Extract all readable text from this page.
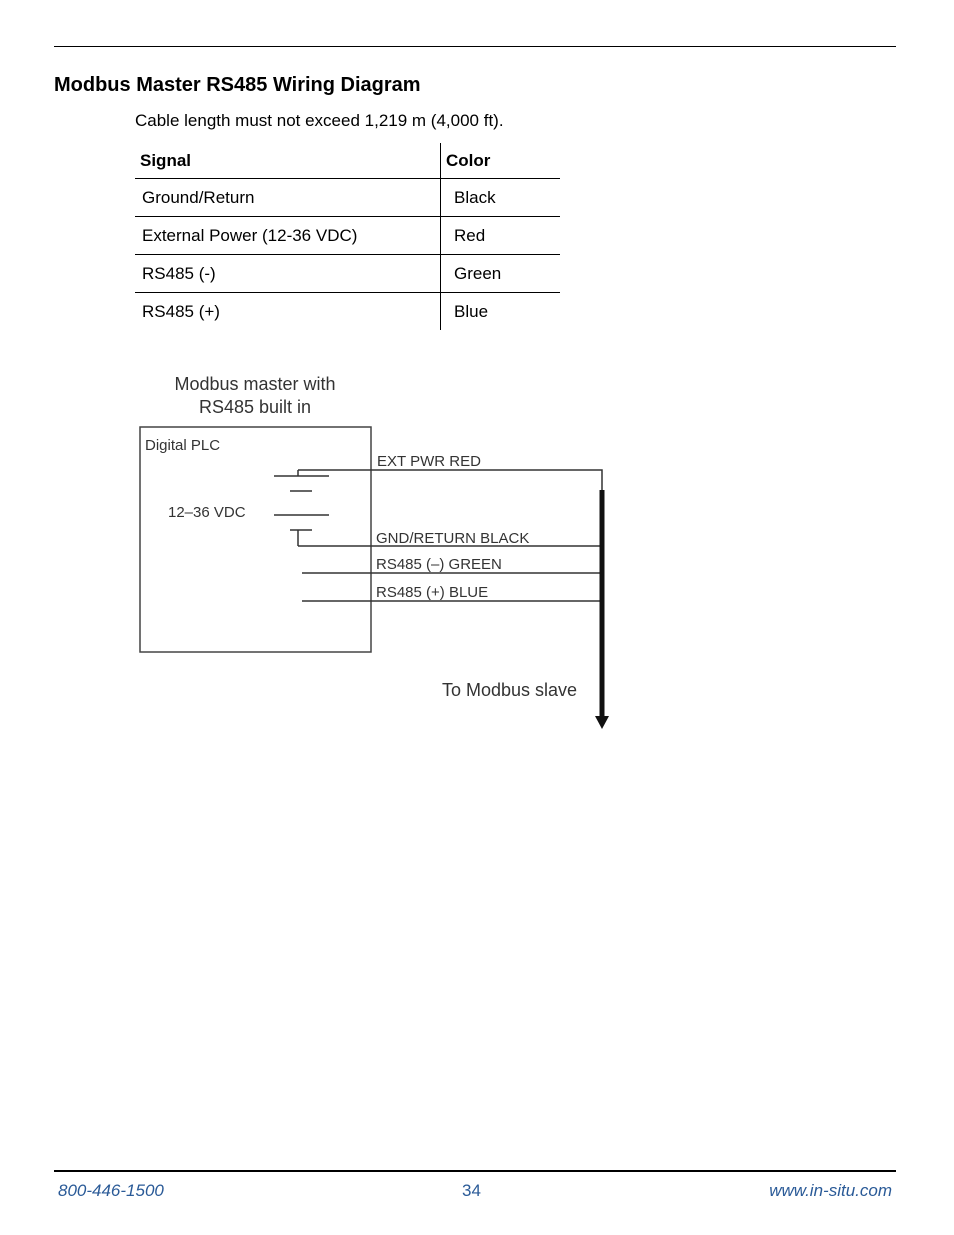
Modbus Master RS485 Wiring Diagram
Cable length must not exceed 1,219 m (4,000 ft).
Signal	Color
Ground/Return	Black
External Power (12-36 VDC)	Red
RS485 (-)	Green
RS485 (+)	Blue
Modbus master with
RS485 built in
Digital PLC
12–36 VDC
EXT PWR RED
GND/RETURN BLACK
RS485 (–) GREEN
RS485 (+) BLUE
To Modbus slave
800-446-1500	34	www.in-situ.com
